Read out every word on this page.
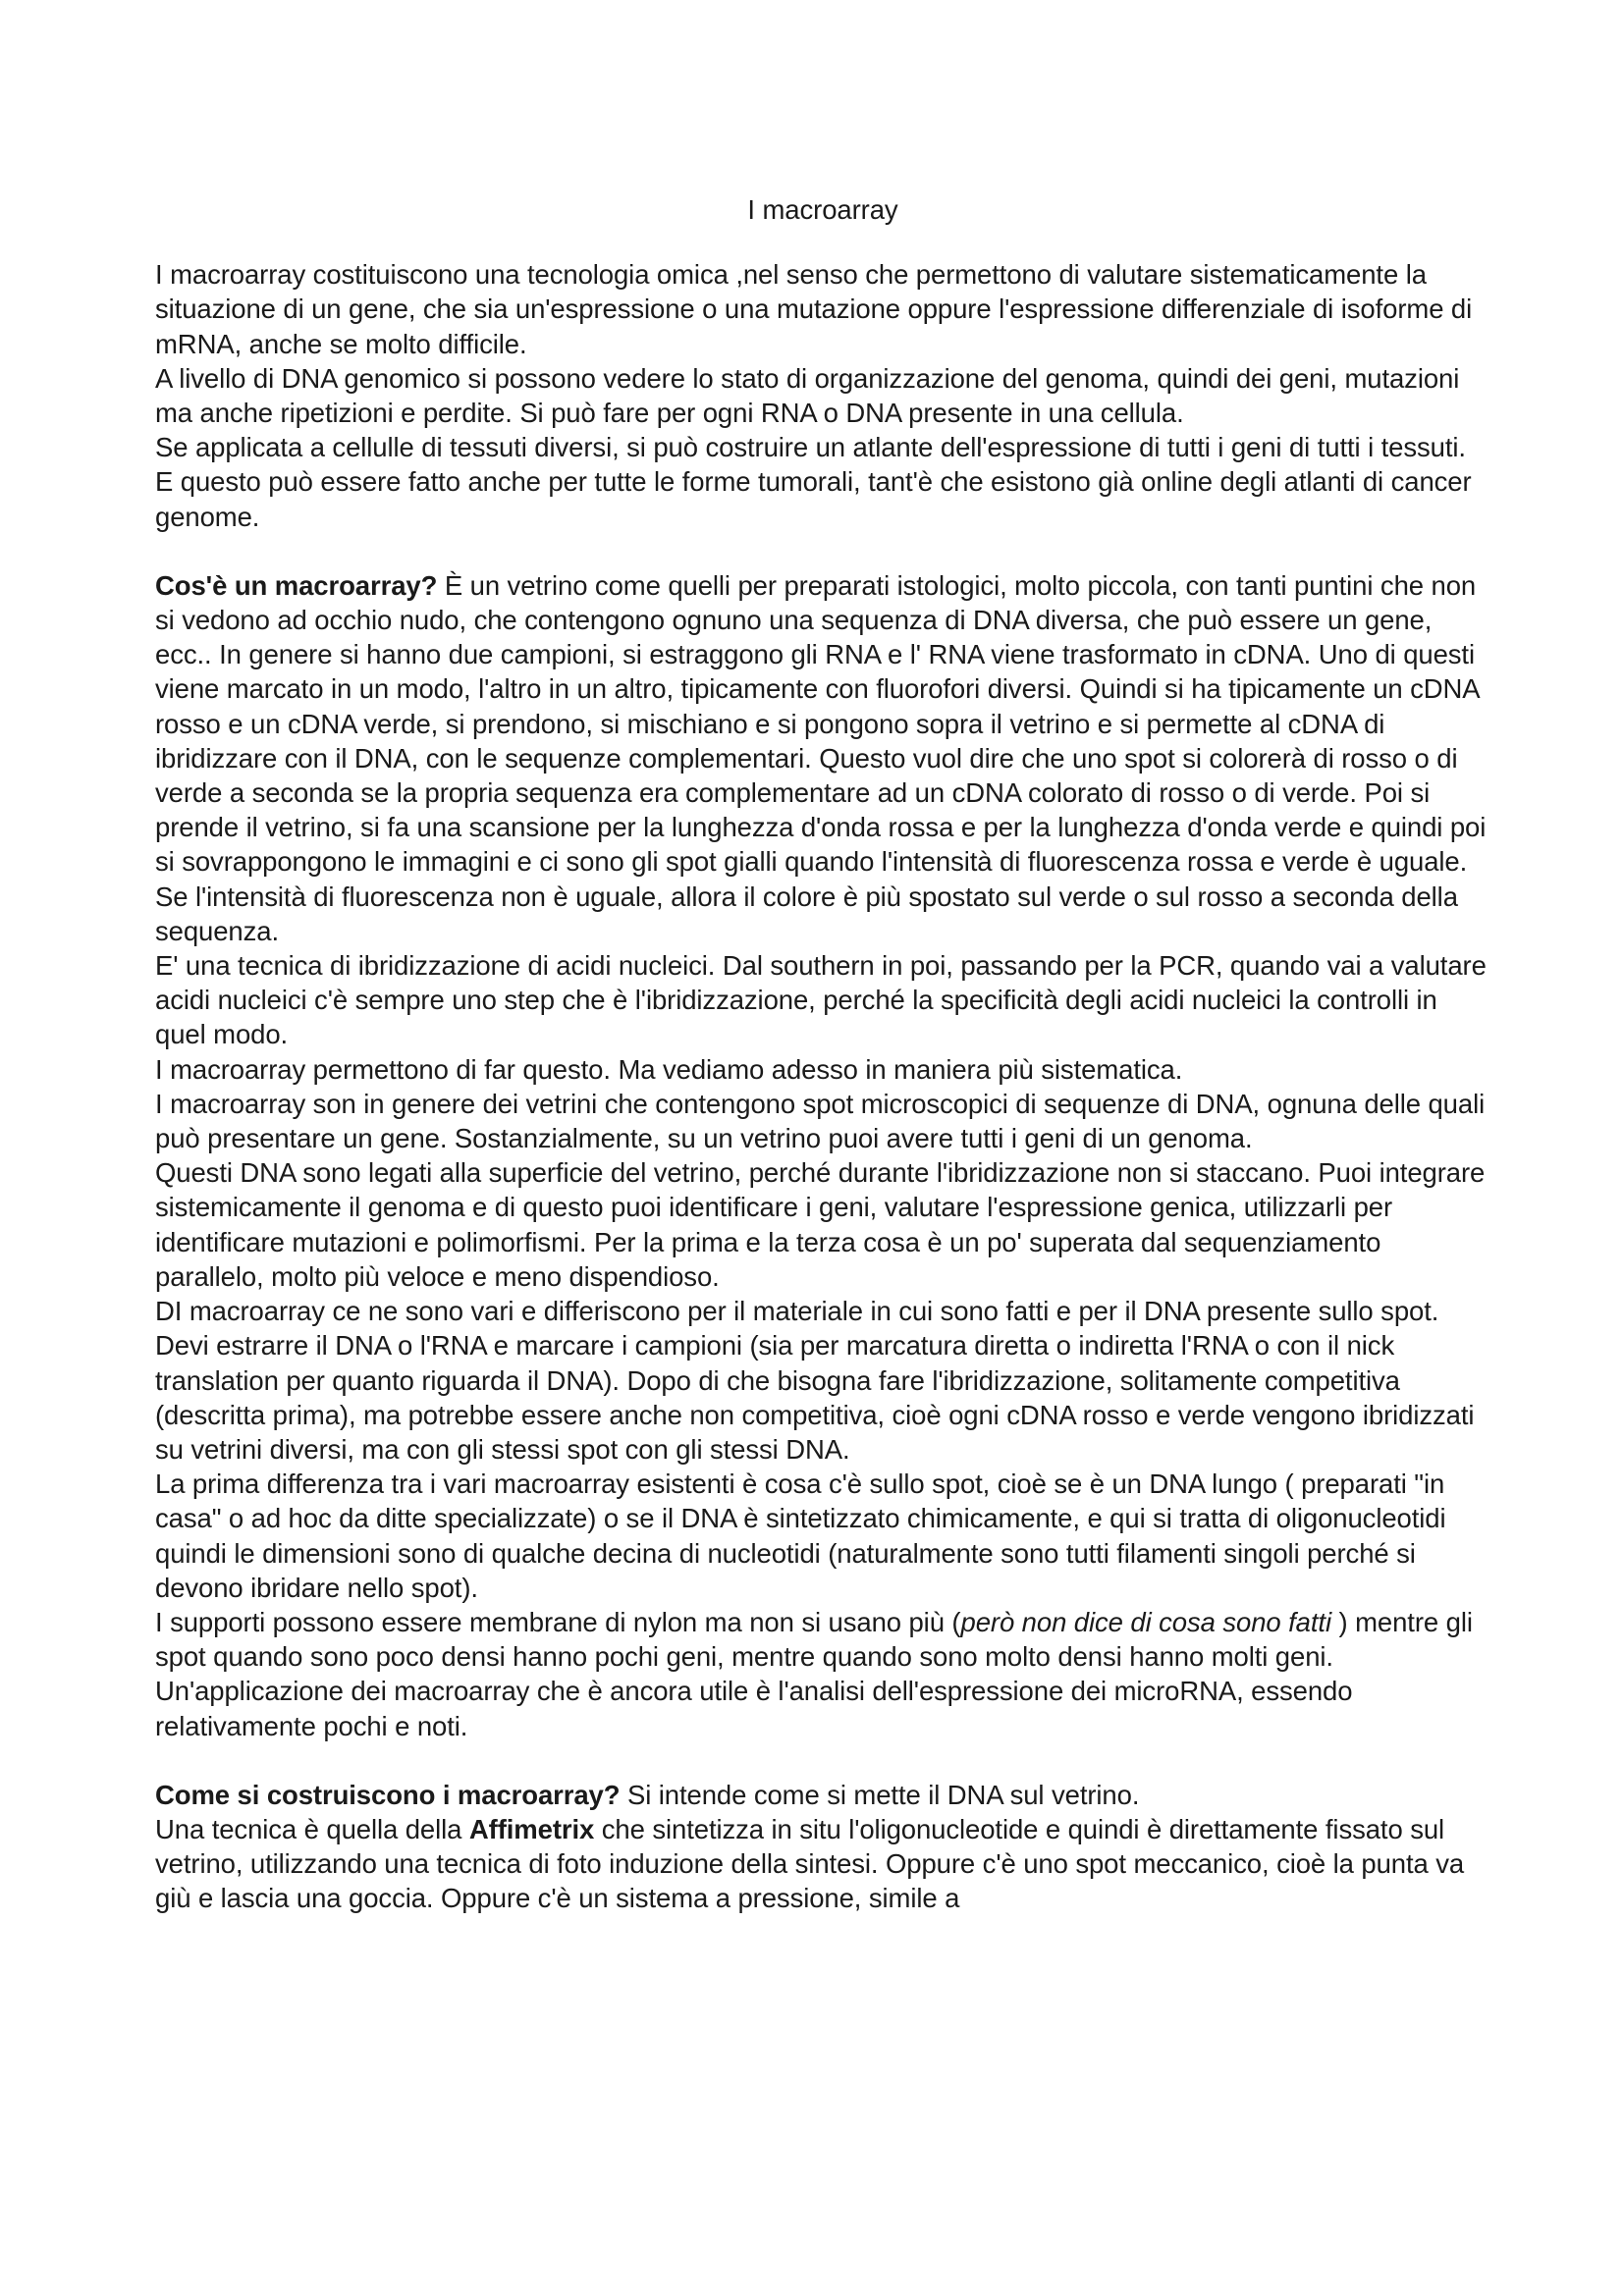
I macroarray

I macroarray costituiscono una tecnologia omica ,nel senso che permettono di valutare sistematicamente la situazione di un gene, che sia un'espressione o una mutazione oppure l'espressione differenziale di isoforme di mRNA, anche se molto difficile.

A livello di DNA genomico si possono vedere lo stato di organizzazione del genoma, quindi dei geni, mutazioni ma anche ripetizioni e perdite. Si può fare per ogni RNA o DNA presente in una cellula.

Se applicata a cellulle di tessuti diversi, si può costruire un atlante dell'espressione di tutti i geni di tutti i tessuti. E questo può essere fatto anche per tutte le forme tumorali, tant'è che esistono già online degli atlanti di cancer genome.

Cos'è un macroarray? È un vetrino come quelli per preparati istologici, molto piccola, con tanti puntini che non si vedono ad occhio nudo, che contengono ognuno una sequenza di DNA diversa, che può essere un gene, ecc.. In genere si hanno due campioni, si estraggono gli RNA e l' RNA viene trasformato in cDNA. Uno di questi viene marcato in un modo, l'altro in un altro, tipicamente con fluorofori diversi. Quindi si ha tipicamente un cDNA rosso e un cDNA verde, si prendono, si mischiano e si pongono sopra il vetrino e si permette al cDNA di ibridizzare con il DNA, con le sequenze complementari. Questo vuol dire che uno spot si colorerà di rosso o di verde a seconda se la propria sequenza era complementare ad un cDNA colorato di rosso o di verde. Poi si prende il vetrino, si fa una scansione per la lunghezza d'onda rossa e per la lunghezza d'onda verde e quindi poi si sovrappongono le immagini e ci sono gli spot gialli quando l'intensità di fluorescenza rossa e verde è uguale. Se l'intensità di fluorescenza non è uguale, allora il colore è più spostato sul verde o sul rosso a seconda della sequenza.

E' una tecnica di ibridizzazione di acidi nucleici. Dal southern in poi, passando per la PCR, quando vai a valutare acidi nucleici c'è sempre uno step che è l'ibridizzazione, perché la specificità degli acidi nucleici la controlli in quel modo.

I macroarray permettono di far questo. Ma vediamo adesso in maniera più sistematica.

I macroarray son in genere dei vetrini che contengono spot microscopici di sequenze di DNA, ognuna delle quali può presentare un gene. Sostanzialmente, su un vetrino puoi avere tutti i geni di un genoma.

Questi DNA sono legati alla superficie del vetrino, perché durante l'ibridizzazione non si staccano. Puoi integrare sistemicamente il genoma e di questo puoi identificare i geni, valutare l'espressione genica, utilizzarli per identificare mutazioni e polimorfismi. Per la prima e la terza cosa è un po' superata dal sequenziamento parallelo, molto più veloce e meno dispendioso.

DI macroarray ce ne sono vari e differiscono per il materiale in cui sono fatti e per il DNA presente sullo spot. Devi estrarre il DNA o l'RNA e marcare i campioni (sia per marcatura diretta o indiretta l'RNA o con il nick translation per quanto riguarda il DNA). Dopo di che bisogna fare l'ibridizzazione, solitamente competitiva (descritta prima), ma potrebbe essere anche non competitiva, cioè ogni cDNA rosso e verde vengono ibridizzati su vetrini diversi, ma con gli stessi spot con gli stessi DNA.

La prima differenza tra i vari macroarray esistenti è cosa c'è sullo spot, cioè se è un DNA lungo ( preparati "in casa" o ad hoc da ditte specializzate) o se il DNA è sintetizzato chimicamente, e qui si tratta di oligonucleotidi quindi le dimensioni sono di qualche decina di nucleotidi (naturalmente sono tutti filamenti singoli perché si devono ibridare nello spot).

I supporti possono essere membrane di nylon ma non si usano più (però non dice di cosa sono fatti ) mentre gli spot quando sono poco densi hanno pochi geni, mentre quando sono molto densi hanno molti geni.

Un'applicazione dei macroarray che è ancora utile è l'analisi dell'espressione dei microRNA, essendo relativamente pochi e noti.

Come si costruiscono i macroarray? Si intende come si mette il DNA sul vetrino.

Una tecnica è quella della Affimetrix che sintetizza in situ l'oligonucleotide e quindi è direttamente fissato sul vetrino, utilizzando una tecnica di foto induzione della sintesi. Oppure c'è uno spot meccanico, cioè la punta va giù e lascia una goccia. Oppure c'è un sistema a pressione, simile a
